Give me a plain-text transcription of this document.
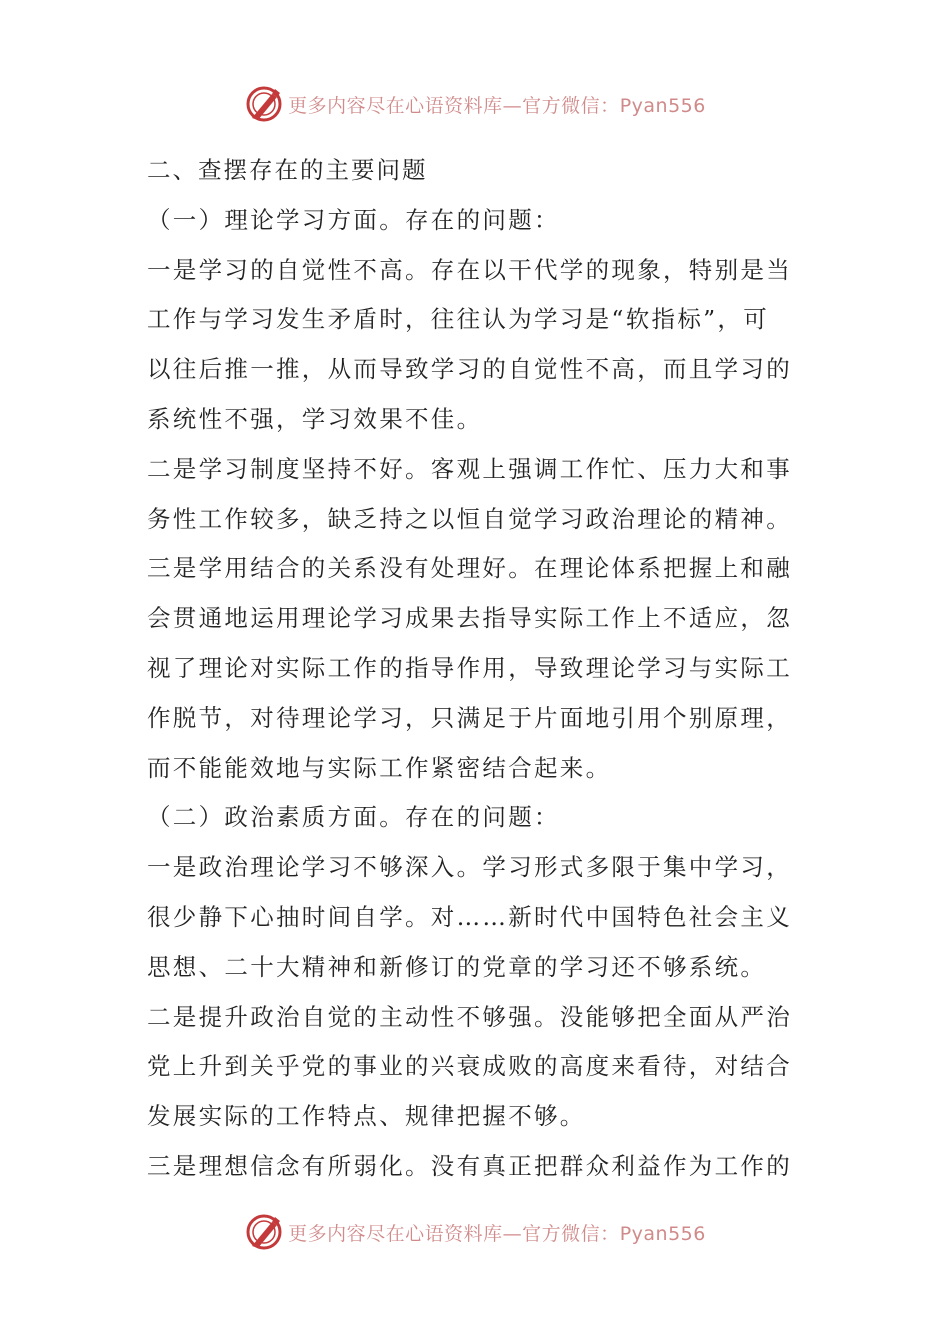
更多内容尽在心语资料库—官方微信：Pyan556
二、查摆存在的主要问题
（一）理论学习方面。存在的问题：
一是学习的自觉性不高。存在以干代学的现象，特别是当
工作与学习发生矛盾时，往往认为学习是“软指标”，可
以往后推一推，从而导致学习的自觉性不高，而且学习的
系统性不强，学习效果不佳。
二是学习制度坚持不好。客观上强调工作忙、压力大和事
务性工作较多，缺乏持之以恒自觉学习政治理论的精神。
三是学用结合的关系没有处理好。在理论体系把握上和融
会贯通地运用理论学习成果去指导实际工作上不适应，忽
视了理论对实际工作的指导作用，导致理论学习与实际工
作脱节，对待理论学习，只满足于片面地引用个别原理，
而不能能效地与实际工作紧密结合起来。
（二）政治素质方面。存在的问题：
一是政治理论学习不够深入。学习形式多限于集中学习，
很少静下心抽时间自学。对……新时代中国特色社会主义
思想、二十大精神和新修订的党章的学习还不够系统。
二是提升政治自觉的主动性不够强。没能够把全面从严治
党上升到关乎党的事业的兴衰成败的高度来看待，对结合
发展实际的工作特点、规律把握不够。
三是理想信念有所弱化。没有真正把群众利益作为工作的
更多内容尽在心语资料库—官方微信：Pyan556
